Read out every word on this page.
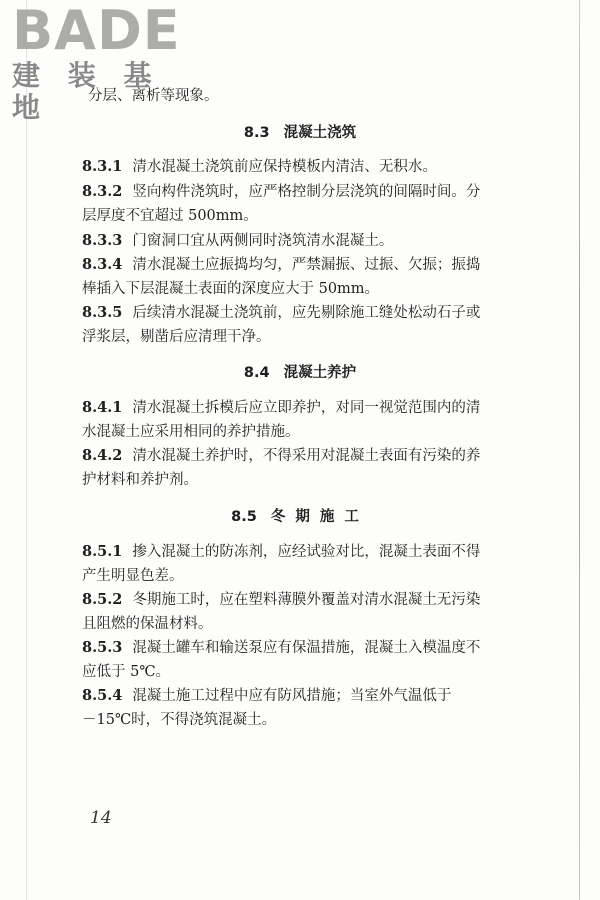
BADE
建 装 基 地	分层、离析等现象。
8.3 混凝土浇筑
8.3.1 清水混凝土浇筑前应保持模板内清洁、无积水。
8.3.2 竖向构件浇筑时，应严格控制分层浇筑的间隔时间。分
层厚度不宜超过 500mm。
8.3.3 门窗洞口宜从两侧同时浇筑清水混凝土。
8.3.4 清水混凝土应振捣均匀，严禁漏振、过振、欠振；振捣
棒插入下层混凝土表面的深度应大于 50mm。
8.3.5 后续清水混凝土浇筑前，应先剔除施工缝处松动石子或
浮浆层，剔凿后应清理干净。
8.4 混凝土养护
8.4.1 清水混凝土拆模后应立即养护，对同一视觉范围内的清
水混凝土应采用相同的养护措施。
8.4.2 清水混凝土养护时，不得采用对混凝土表面有污染的养
护材料和养护剂。
8.5 冬期施工
8.5.1 掺入混凝土的防冻剂，应经试验对比，混凝土表面不得
产生明显色差。
8.5.2 冬期施工时，应在塑料薄膜外覆盖对清水混凝土无污染
且阻燃的保温材料。
8.5.3 混凝土罐车和输送泵应有保温措施，混凝土入模温度不
应低于 5℃。
8.5.4 混凝土施工过程中应有防风措施；当室外气温低于
－15℃时，不得浇筑混凝土。
14
